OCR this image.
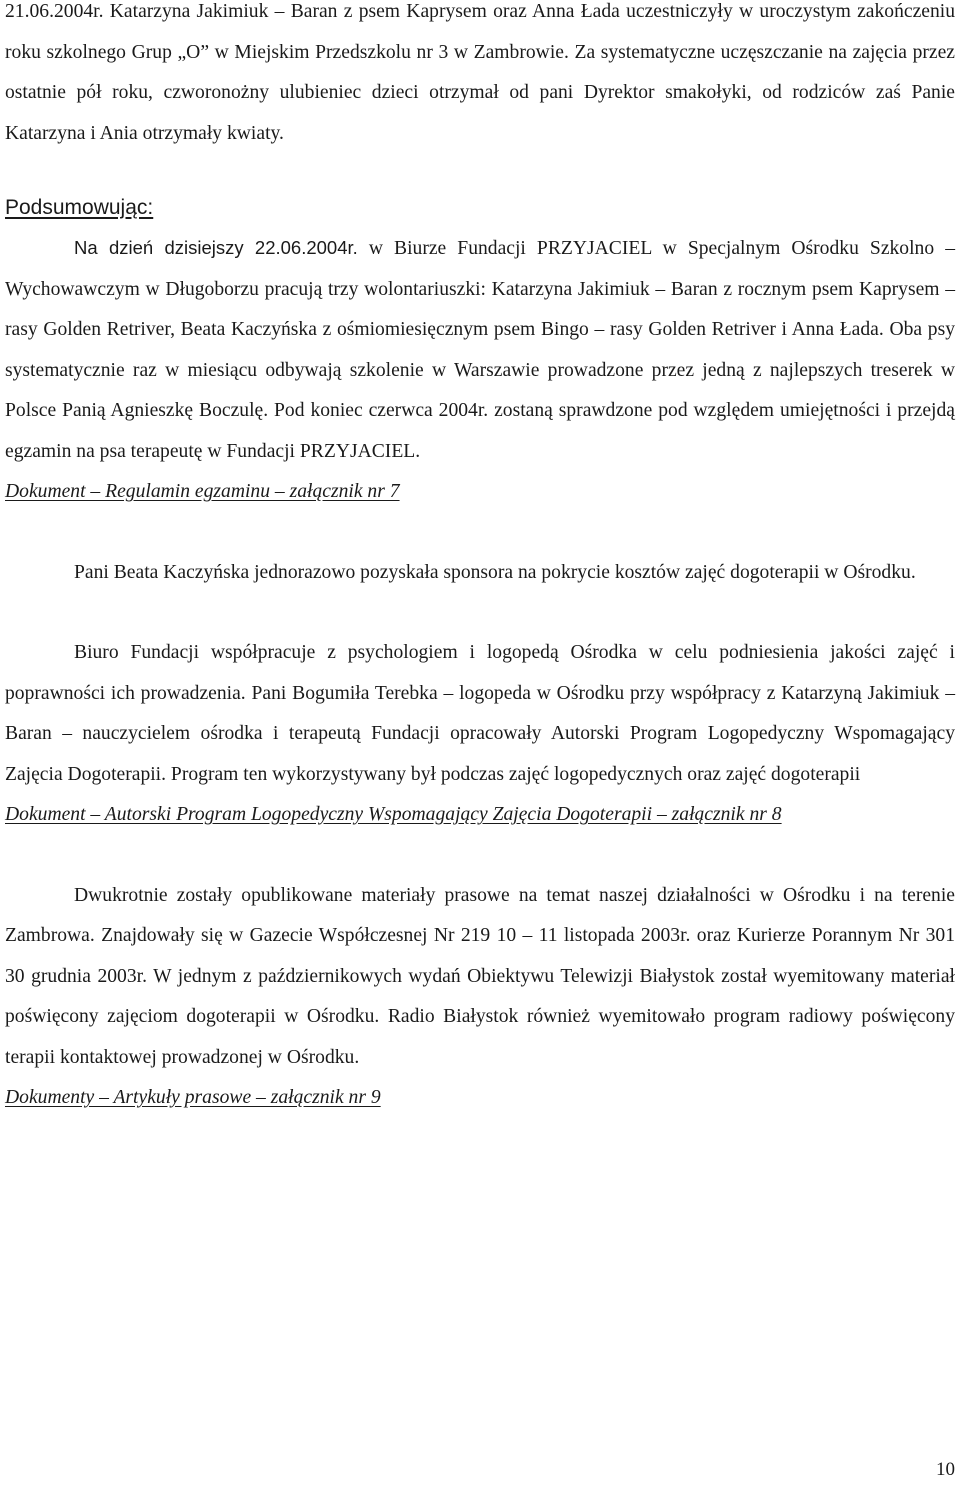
21.06.2004r. Katarzyna Jakimiuk – Baran z psem Kaprysem oraz Anna Łada uczestniczyły w uroczystym zakończeniu roku szkolnego Grup „O” w Miejskim Przedszkolu nr 3 w Zambrowie. Za systematyczne uczęszczanie na zajęcia przez ostatnie pół roku, czworonożny ulubieniec dzieci otrzymał od pani Dyrektor smakołyki, od rodziców zaś Panie Katarzyna i Ania otrzymały kwiaty.

Podsumowując:

Na dzień dzisiejszy 22.06.2004r. w Biurze Fundacji PRZYJACIEL w Specjalnym Ośrodku Szkolno – Wychowawczym w Długoborzu pracują trzy wolontariuszki: Katarzyna Jakimiuk – Baran z rocznym psem Kaprysem – rasy Golden Retriver, Beata Kaczyńska z ośmiomiesięcznym psem Bingo – rasy Golden Retriver i Anna Łada. Oba psy systematycznie raz w miesiącu odbywają szkolenie w Warszawie prowadzone przez jedną z najlepszych treserek w Polsce Panią Agnieszkę Boczulę. Pod koniec czerwca 2004r. zostaną sprawdzone pod względem umiejętności i przejdą egzamin na psa terapeutę w Fundacji PRZYJACIEL.

Dokument – Regulamin egzaminu – załącznik nr 7

Pani Beata Kaczyńska jednorazowo pozyskała sponsora na pokrycie kosztów zajęć dogoterapii w Ośrodku.

Biuro Fundacji współpracuje z psychologiem i logopedą Ośrodka w celu podniesienia jakości zajęć i poprawności ich prowadzenia. Pani Bogumiła Terebka – logopeda w Ośrodku przy współpracy z Katarzyną Jakimiuk – Baran – nauczycielem ośrodka i terapeutą Fundacji opracowały Autorski Program Logopedyczny Wspomagający Zajęcia Dogoterapii. Program ten wykorzystywany był podczas zajęć logopedycznych oraz zajęć dogoterapii

Dokument – Autorski Program Logopedyczny Wspomagający Zajęcia Dogoterapii – załącznik nr 8

Dwukrotnie zostały opublikowane materiały prasowe na temat naszej działalności w Ośrodku i na terenie Zambrowa. Znajdowały się w Gazecie Współczesnej Nr 219 10 – 11 listopada 2003r. oraz Kurierze Porannym Nr 301 30 grudnia 2003r. W jednym z październikowych wydań Obiektywu Telewizji Białystok został wyemitowany materiał poświęcony zajęciom dogoterapii w Ośrodku. Radio Białystok również wyemitowało program radiowy poświęcony terapii kontaktowej prowadzonej w Ośrodku.

Dokumenty – Artykuły prasowe – załącznik nr 9

10
